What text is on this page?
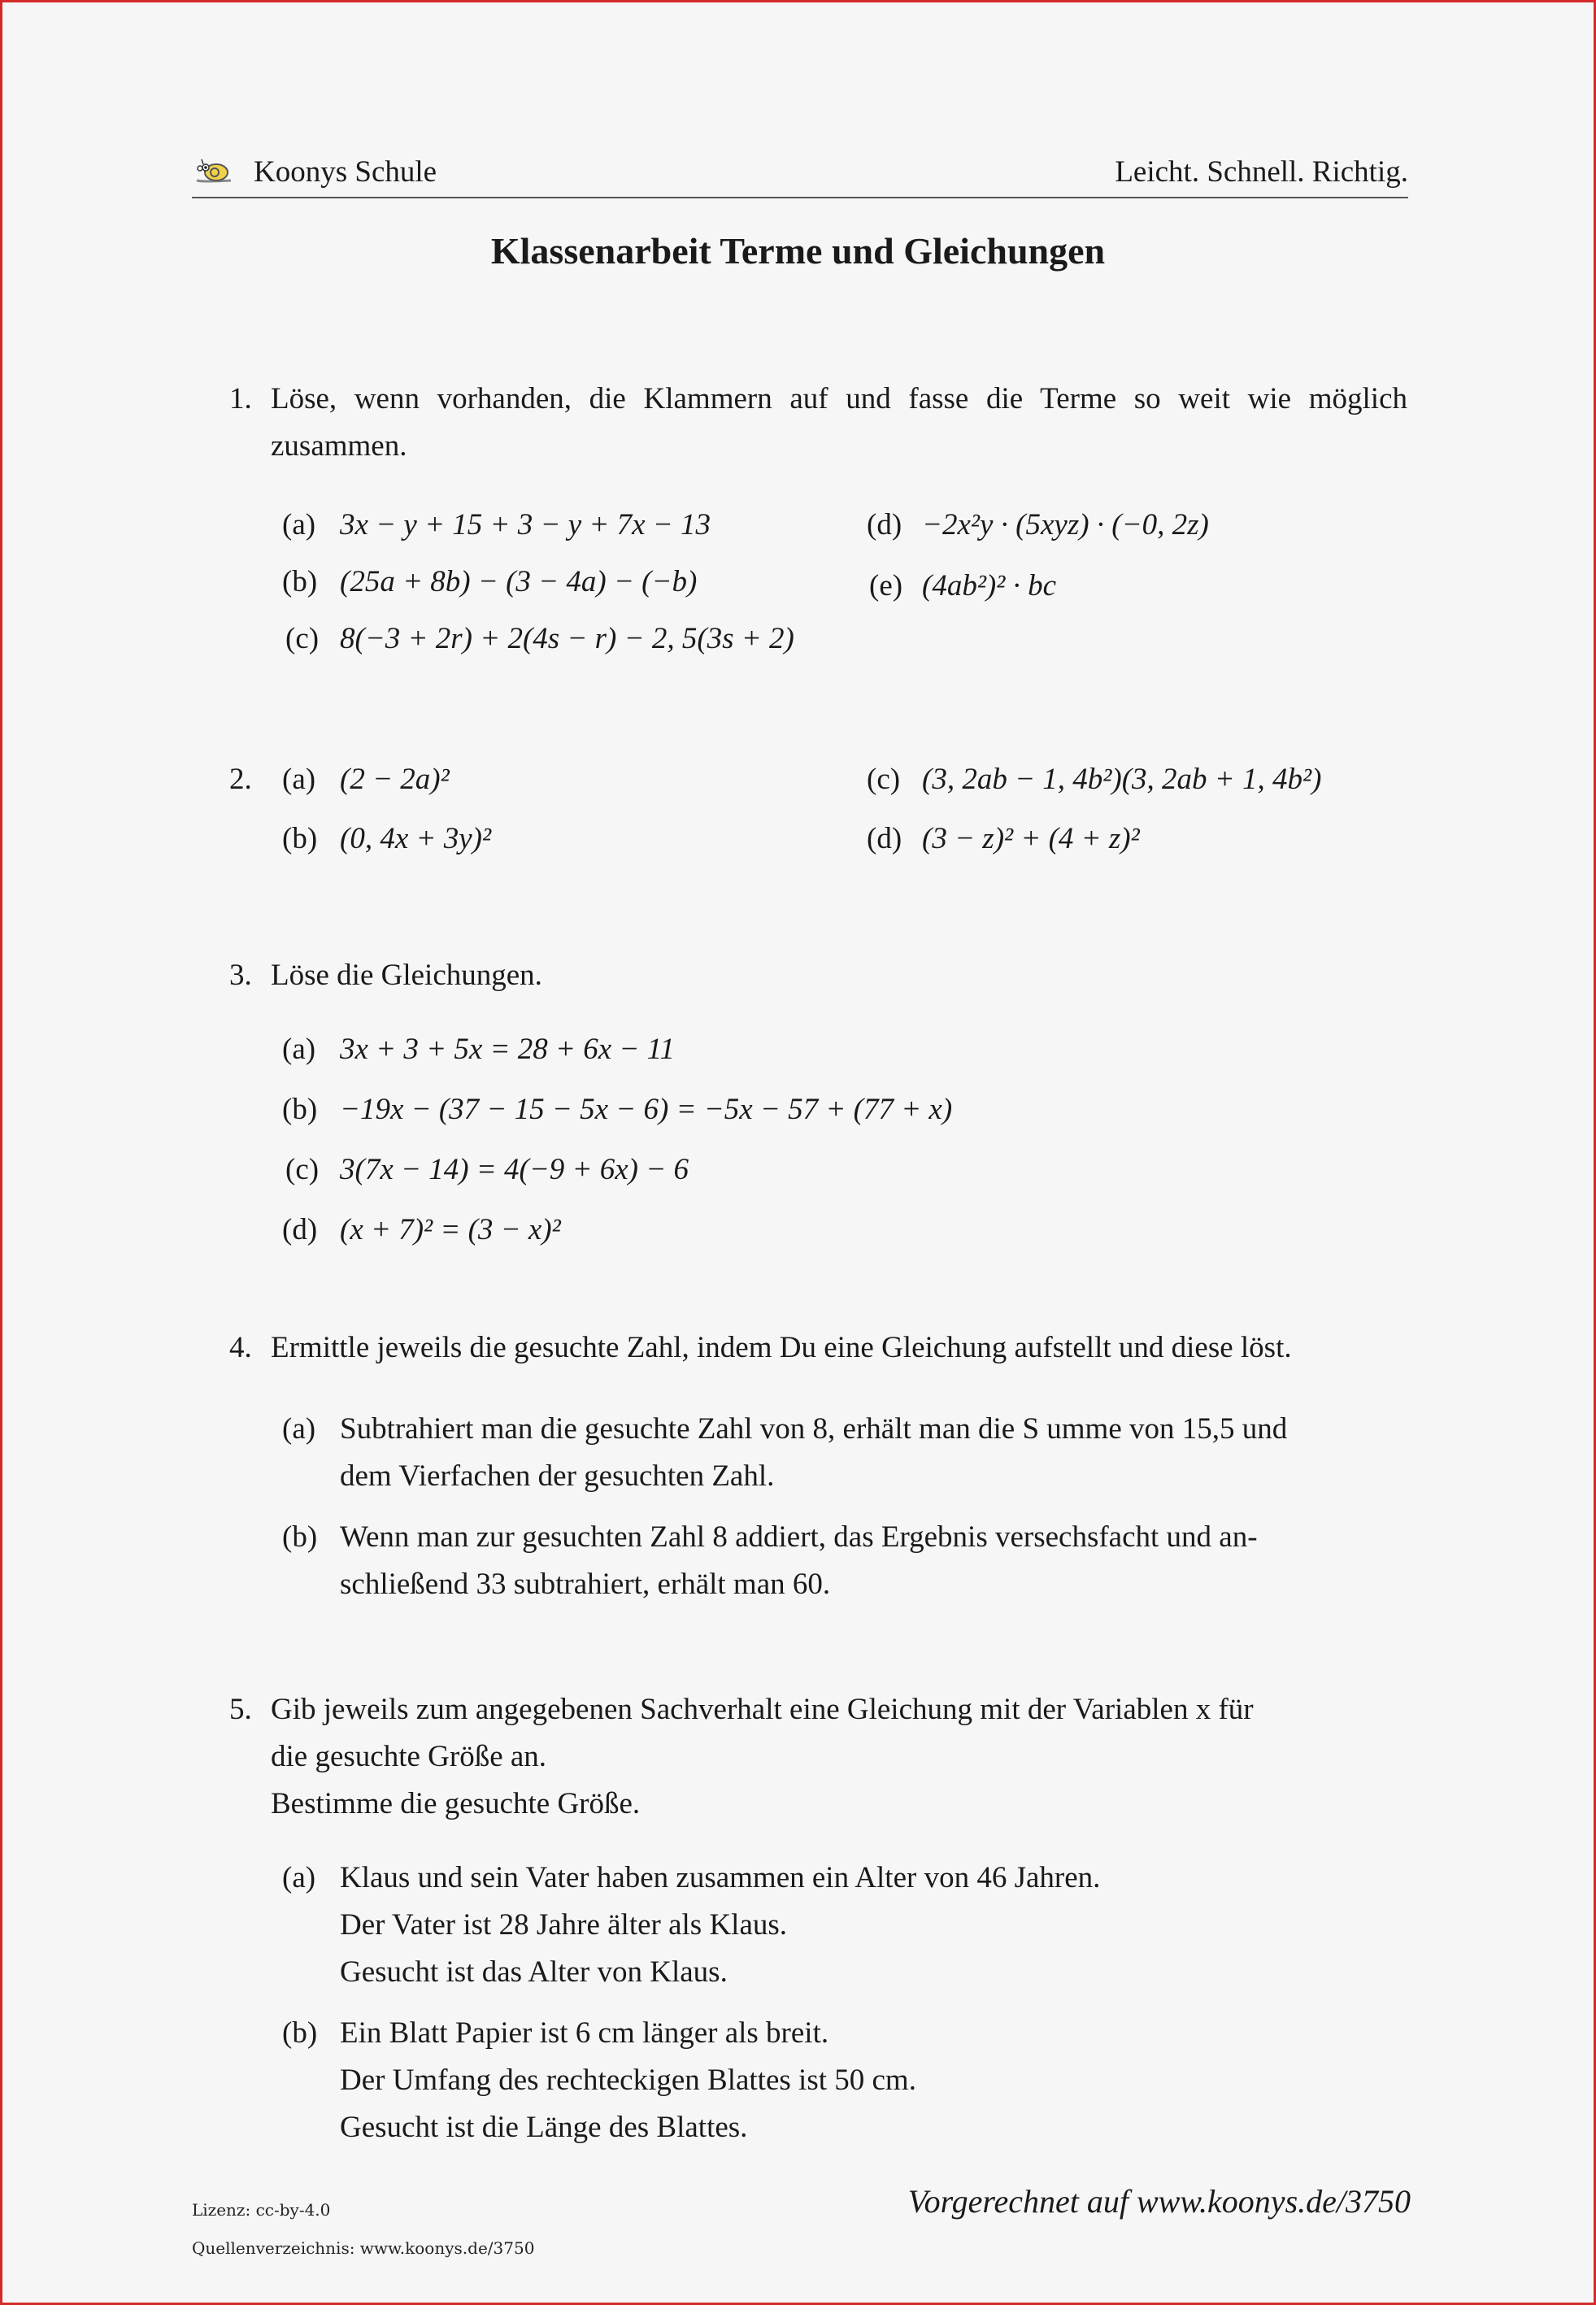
Koonys Schule	Leicht. Schnell. Richtig.
Klassenarbeit Terme und Gleichungen
1. Löse, wenn vorhanden, die Klammern auf und fasse die Terme so weit wie möglich zusammen.
(a) 3x − y + 15 + 3 − y + 7x − 13
(b) (25a + 8b) − (3 − 4a) − (−b)
(c) 8(−3 + 2r) + 2(4s − r) − 2, 5(3s + 2)
(d) −2x²y · (5xyz) · (−0, 2z)
(e) (4ab²)² · bc
2. (a) (2 − 2a)²
(b) (0, 4x + 3y)²
(c) (3, 2ab − 1, 4b²)(3, 2ab + 1, 4b²)
(d) (3 − z)² + (4 + z)²
3. Löse die Gleichungen.
(a) 3x + 3 + 5x = 28 + 6x − 11
(b) −19x − (37 − 15 − 5x − 6) = −5x − 57 + (77 + x)
(c) 3(7x − 14) = 4(−9 + 6x) − 6
(d) (x + 7)² = (3 − x)²
4. Ermittle jeweils die gesuchte Zahl, indem Du eine Gleichung aufstellt und diese löst.
(a) Subtrahiert man die gesuchte Zahl von 8, erhält man die S umme von 15,5 und
dem Vierfachen der gesuchten Zahl.
(b) Wenn man zur gesuchten Zahl 8 addiert, das Ergebnis versechsfacht und an-
schließend 33 subtrahiert, erhält man 60.
5. Gib jeweils zum angegebenen Sachverhalt eine Gleichung mit der Variablen x für
die gesuchte Größe an.
Bestimme die gesuchte Größe.
(a) Klaus und sein Vater haben zusammen ein Alter von 46 Jahren.
Der Vater ist 28 Jahre älter als Klaus.
Gesucht ist das Alter von Klaus.
(b) Ein Blatt Papier ist 6 cm länger als breit.
Der Umfang des rechteckigen Blattes ist 50 cm.
Gesucht ist die Länge des Blattes.
Lizenz: cc-by-4.0
Quellenverzeichnis: www.koonys.de/3750
Vorgerechnet auf www.koonys.de/3750
